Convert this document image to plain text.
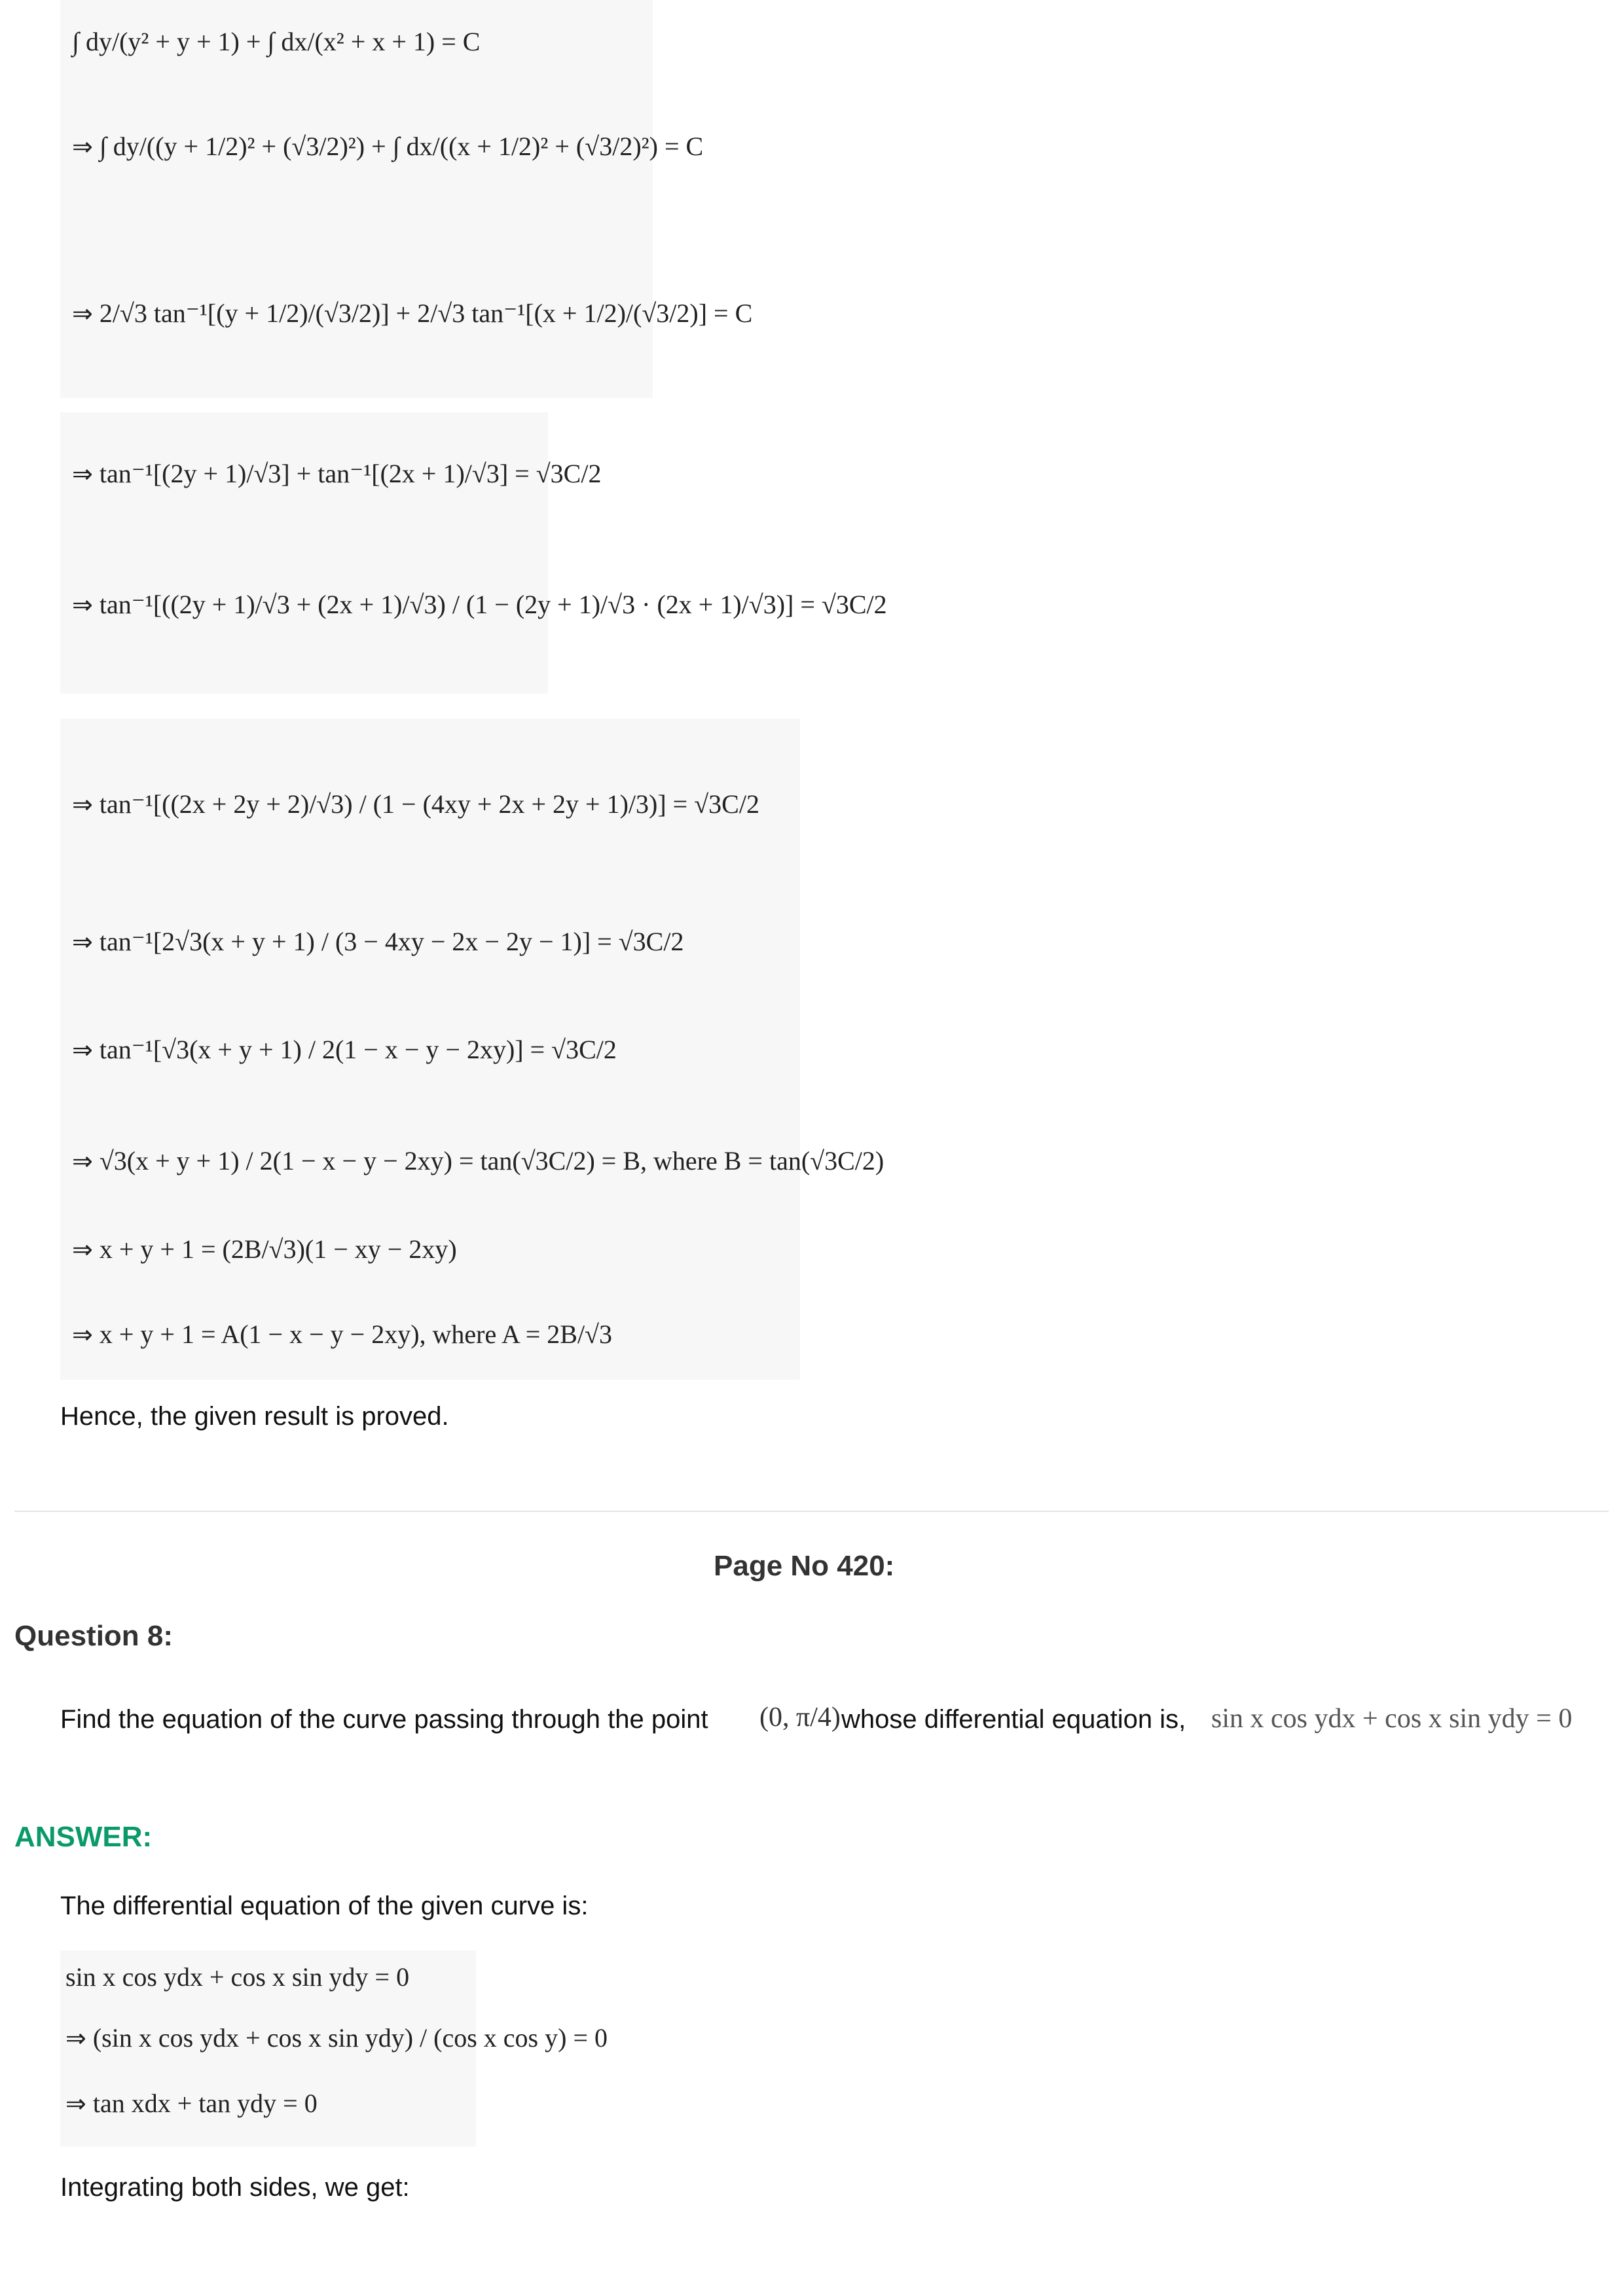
∫ dy/(y² + y + 1) + ∫ dx/(x² + x + 1) = C
⇒ ∫ dy/((y + 1/2)² + (√3/2)²) + ∫ dx/((x + 1/2)² + (√3/2)²) = C
⇒ 2/√3 tan⁻¹[(y + 1/2)/(√3/2)] + 2/√3 tan⁻¹[(x + 1/2)/(√3/2)] = C
⇒ tan⁻¹[(2y + 1)/√3] + tan⁻¹[(2x + 1)/√3] = √3C/2
⇒ tan⁻¹[((2y + 1)/√3 + (2x + 1)/√3) / (1 − (2y + 1)/√3 · (2x + 1)/√3)] = √3C/2
⇒ tan⁻¹[((2x + 2y + 2)/√3) / (1 − (4xy + 2x + 2y + 1)/3)] = √3C/2
⇒ tan⁻¹[2√3(x + y + 1) / (3 − 4xy − 2x − 2y − 1)] = √3C/2
⇒ tan⁻¹[√3(x + y + 1) / 2(1 − x − y − 2xy)] = √3C/2
⇒ √3(x + y + 1) / 2(1 − x − y − 2xy) = tan(√3C/2) = B, where B = tan(√3C/2)
⇒ x + y + 1 = (2B/√3)(1 − xy − 2xy)
⇒ x + y + 1 = A(1 − x − y − 2xy), where A = 2B/√3
Hence, the given result is proved.
Page No 420:
Question 8:
Find the equation of the curve passing through the point (0, π/4) whose differential equation is, sin x cos ydx + cos x sin ydy = 0
ANSWER:
The differential equation of the given curve is:
sin x cos ydx + cos x sin ydy = 0
⇒ (sin x cos ydx + cos x sin ydy) / (cos x cos y) = 0
⇒ tan xdx + tan ydy = 0
Integrating both sides, we get:
